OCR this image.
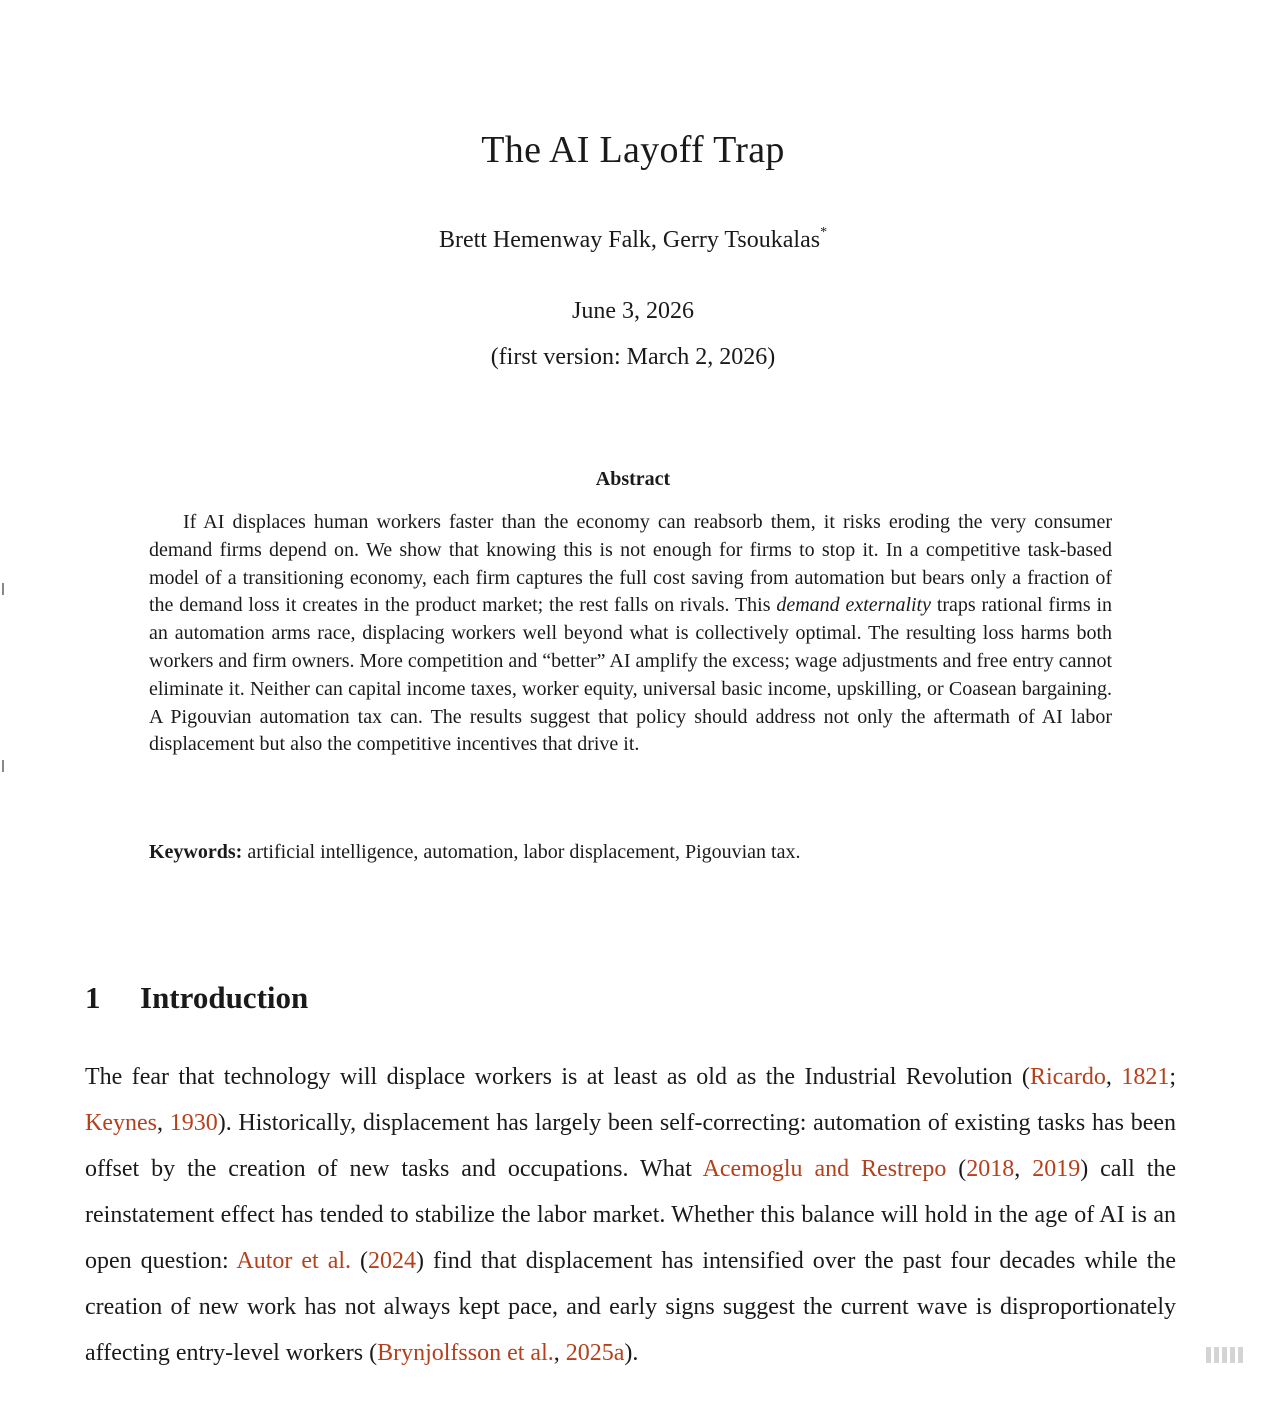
The AI Layoff Trap
Brett Hemenway Falk, Gerry Tsoukalas*
June 3, 2026
(first version: March 2, 2026)
Abstract

If AI displaces human workers faster than the economy can reabsorb them, it risks eroding the very consumer demand firms depend on. We show that knowing this is not enough for firms to stop it. In a competitive task-based model of a transitioning economy, each firm captures the full cost saving from automation but bears only a fraction of the demand loss it creates in the product market; the rest falls on rivals. This demand externality traps rational firms in an automation arms race, displacing workers well beyond what is collectively optimal. The resulting loss harms both workers and firm owners. More competition and “better” AI amplify the excess; wage adjustments and free entry cannot eliminate it. Neither can capital income taxes, worker equity, universal basic income, upskilling, or Coasean bargaining. A Pigouvian automation tax can. The results suggest that policy should address not only the aftermath of AI labor displacement but also the competitive incentives that drive it.

Keywords: artificial intelligence, automation, labor displacement, Pigouvian tax.

1 Introduction

The fear that technology will displace workers is at least as old as the Industrial Revolution (Ricardo, 1821; Keynes, 1930). Historically, displacement has largely been self-correcting: automation of existing tasks has been offset by the creation of new tasks and occupations. What Acemoglu and Restrepo (2018, 2019) call the reinstatement effect has tended to stabilize the labor market. Whether this balance will hold in the age of AI is an open question: Autor et al. (2024) find that displacement has intensified over the past four decades while the creation of new work has not always kept pace, and early signs suggest the current wave is disproportionately affecting entry-level workers (Brynjolfsson et al., 2025a).
